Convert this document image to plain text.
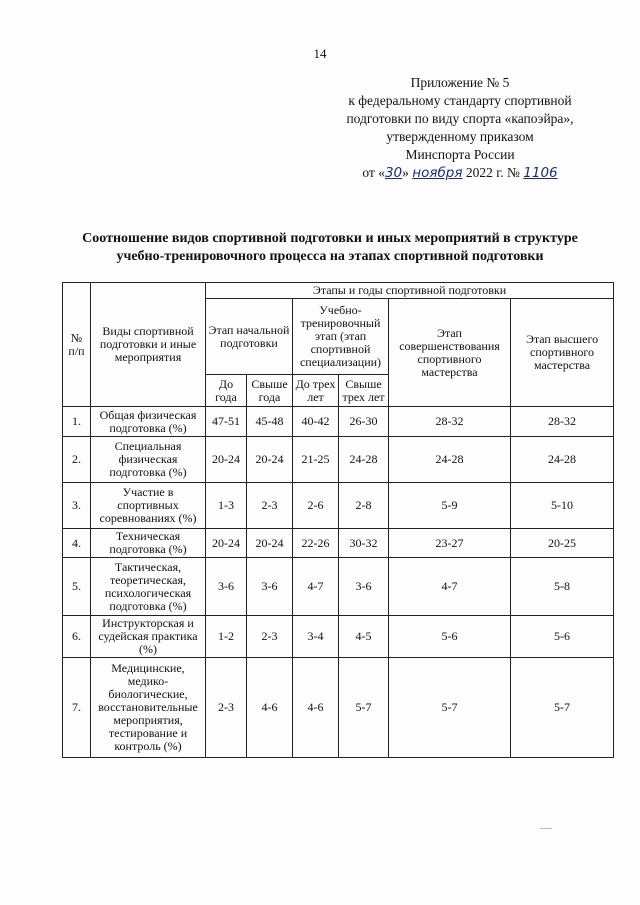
14
Приложение № 5
к федеральному стандарту спортивной
подготовки по виду спорта «капоэйра»,
утвержденному приказом
Минспорта России
от «30» ноября 2022 г. № 1106
Соотношение видов спортивной подготовки и иных мероприятий в структуре
учебно-тренировочного процесса на этапах спортивной подготовки
№ п/п	Виды спортивной подготовки и иные мероприятия	Этапы и годы спортивной подготовки					
		Этап начальной подготовки		Учебно-тренировочный этап (этап спортивной специализации)		Этап совершенствования спортивного мастерства	Этап высшего спортивного мастерства
		До года	Свыше года	До трех лет	Свыше трех лет		
1.	Общая физическая подготовка (%)	47-51	45-48	40-42	26-30	28-32	28-32
2.	Специальная физическая подготовка (%)	20-24	20-24	21-25	24-28	24-28	24-28
3.	Участие в спортивных соревнованиях (%)	1-3	2-3	2-6	2-8	5-9	5-10
4.	Техническая подготовка (%)	20-24	20-24	22-26	30-32	23-27	20-25
5.	Тактическая, теоретическая, психологическая подготовка (%)	3-6	3-6	4-7	3-6	4-7	5-8
6.	Инструкторская и судейская практика (%)	1-2	2-3	3-4	4-5	5-6	5-6
7.	Медицинские, медико-биологические, восстановительные мероприятия, тестирование и контроль (%)	2-3	4-6	4-6	5-7	5-7	5-7
